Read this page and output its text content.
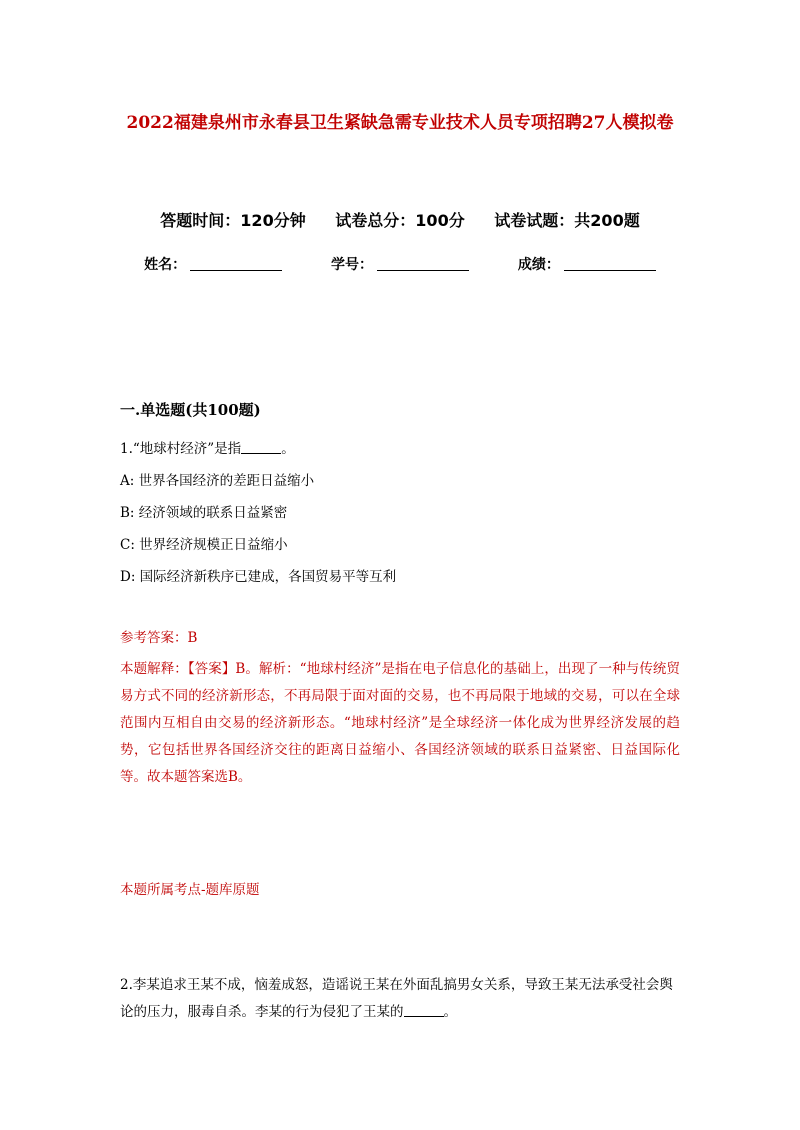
2022福建泉州市永春县卫生紧缺急需专业技术人员专项招聘27人模拟卷
答题时间：120分钟 试卷总分：100分 试卷试题：共200题
姓名：	学号：	成绩：
一.单选题(共100题)
1.“地球村经济”是指	。
A: 世界各国经济的差距日益缩小
B: 经济领域的联系日益紧密
C: 世界经济规模正日益缩小
D: 国际经济新秩序已建成，各国贸易平等互利
参考答案：B
本题解释：【答案】B。解析：“地球村经济”是指在电子信息化的基础上，出现了一种与传统贸易方式不同的经济新形态，不再局限于面对面的交易，也不再局限于地域的交易，可以在全球范围内互相自由交易的经济新形态。“地球村经济”是全球经济一体化成为世界经济发展的趋势，它包括世界各国经济交往的距离日益缩小、各国经济领域的联系日益紧密、日益国际化等。故本题答案选B。
本题所属考点-题库原题
2.李某追求王某不成，恼羞成怒，造谣说王某在外面乱搞男女关系，导致王某无法承受社会舆论的压力，服毒自杀。李某的行为侵犯了王某的	。
